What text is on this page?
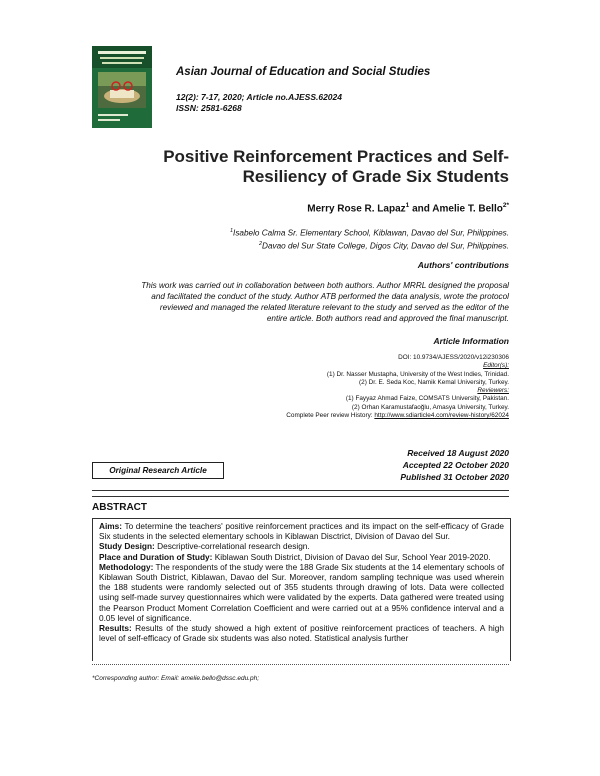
Asian Journal of Education and Social Studies
12(2): 7-17, 2020; Article no.AJESS.62024
ISSN: 2581-6268
Positive Reinforcement Practices and Self-
Resiliency of Grade Six Students
Merry Rose R. Lapaz$^1$ and Amelie T. Bello$^{2*}$
$^1$Isabelo Calma Sr. Elementary School, Kiblawan, Davao del Sur, Philippines.
$^2$Davao del Sur State College, Digos City, Davao del Sur, Philippines.
Authors' contributions
This work was carried out in collaboration between both authors. Author MRRL designed the proposal
and facilitated the conduct of the study. Author ATB performed the data analysis, wrote the protocol
reviewed and managed the related literature relevant to the study and served as the editor of the
entire article. Both authors read and approved the final manuscript.
Article Information
DOI: 10.9734/AJESS/2020/v12i230306
Editor(s):
(1) Dr. Nasser Mustapha, University of the West Indies, Trinidad.
(2) Dr. E. Seda Koc, Namik Kemal University, Turkey.
Reviewers:
(1) Fayyaz Ahmad Faize, COMSATS University, Pakistan.
(2) Orhan Karamustafaoğlu, Amasya University, Turkey.
Complete Peer review History: http://www.sdiarticle4.com/review-history/62024
Received 18 August 2020
Accepted 22 October 2020
Published 31 October 2020
Original Research Article
ABSTRACT

Aims: To determine the teachers' positive reinforcement practices and its impact on the self-efficacy of Grade Six students in the selected elementary schools in Kiblawan Disctrict, Division of Davao del Sur.

Study Design: Descriptive-correlational research design.

Place and Duration of Study: Kiblawan South District, Division of Davao del Sur, School Year 2019-2020.

Methodology: The respondents of the study were the 188 Grade Six students at the 14 elementary schools of Kiblawan South District, Kiblawan, Davao del Sur. Moreover, random sampling technique was used wherein the 188 students were randomly selected out of 355 students through drawing of lots. Data were collected using self-made survey questionnaires which were validated by the experts. Data gathered were treated using the Pearson Product Moment Correlation Coefficient and were carried out at a 95% confidence interval and a 0.05 level of significance.

Results: Results of the study showed a high extent of positive reinforcement practices of teachers. A high level of self-efficacy of Grade six students was also noted. Statistical analysis further

*Corresponding author: Email: amelie.bello@dssc.edu.ph;
